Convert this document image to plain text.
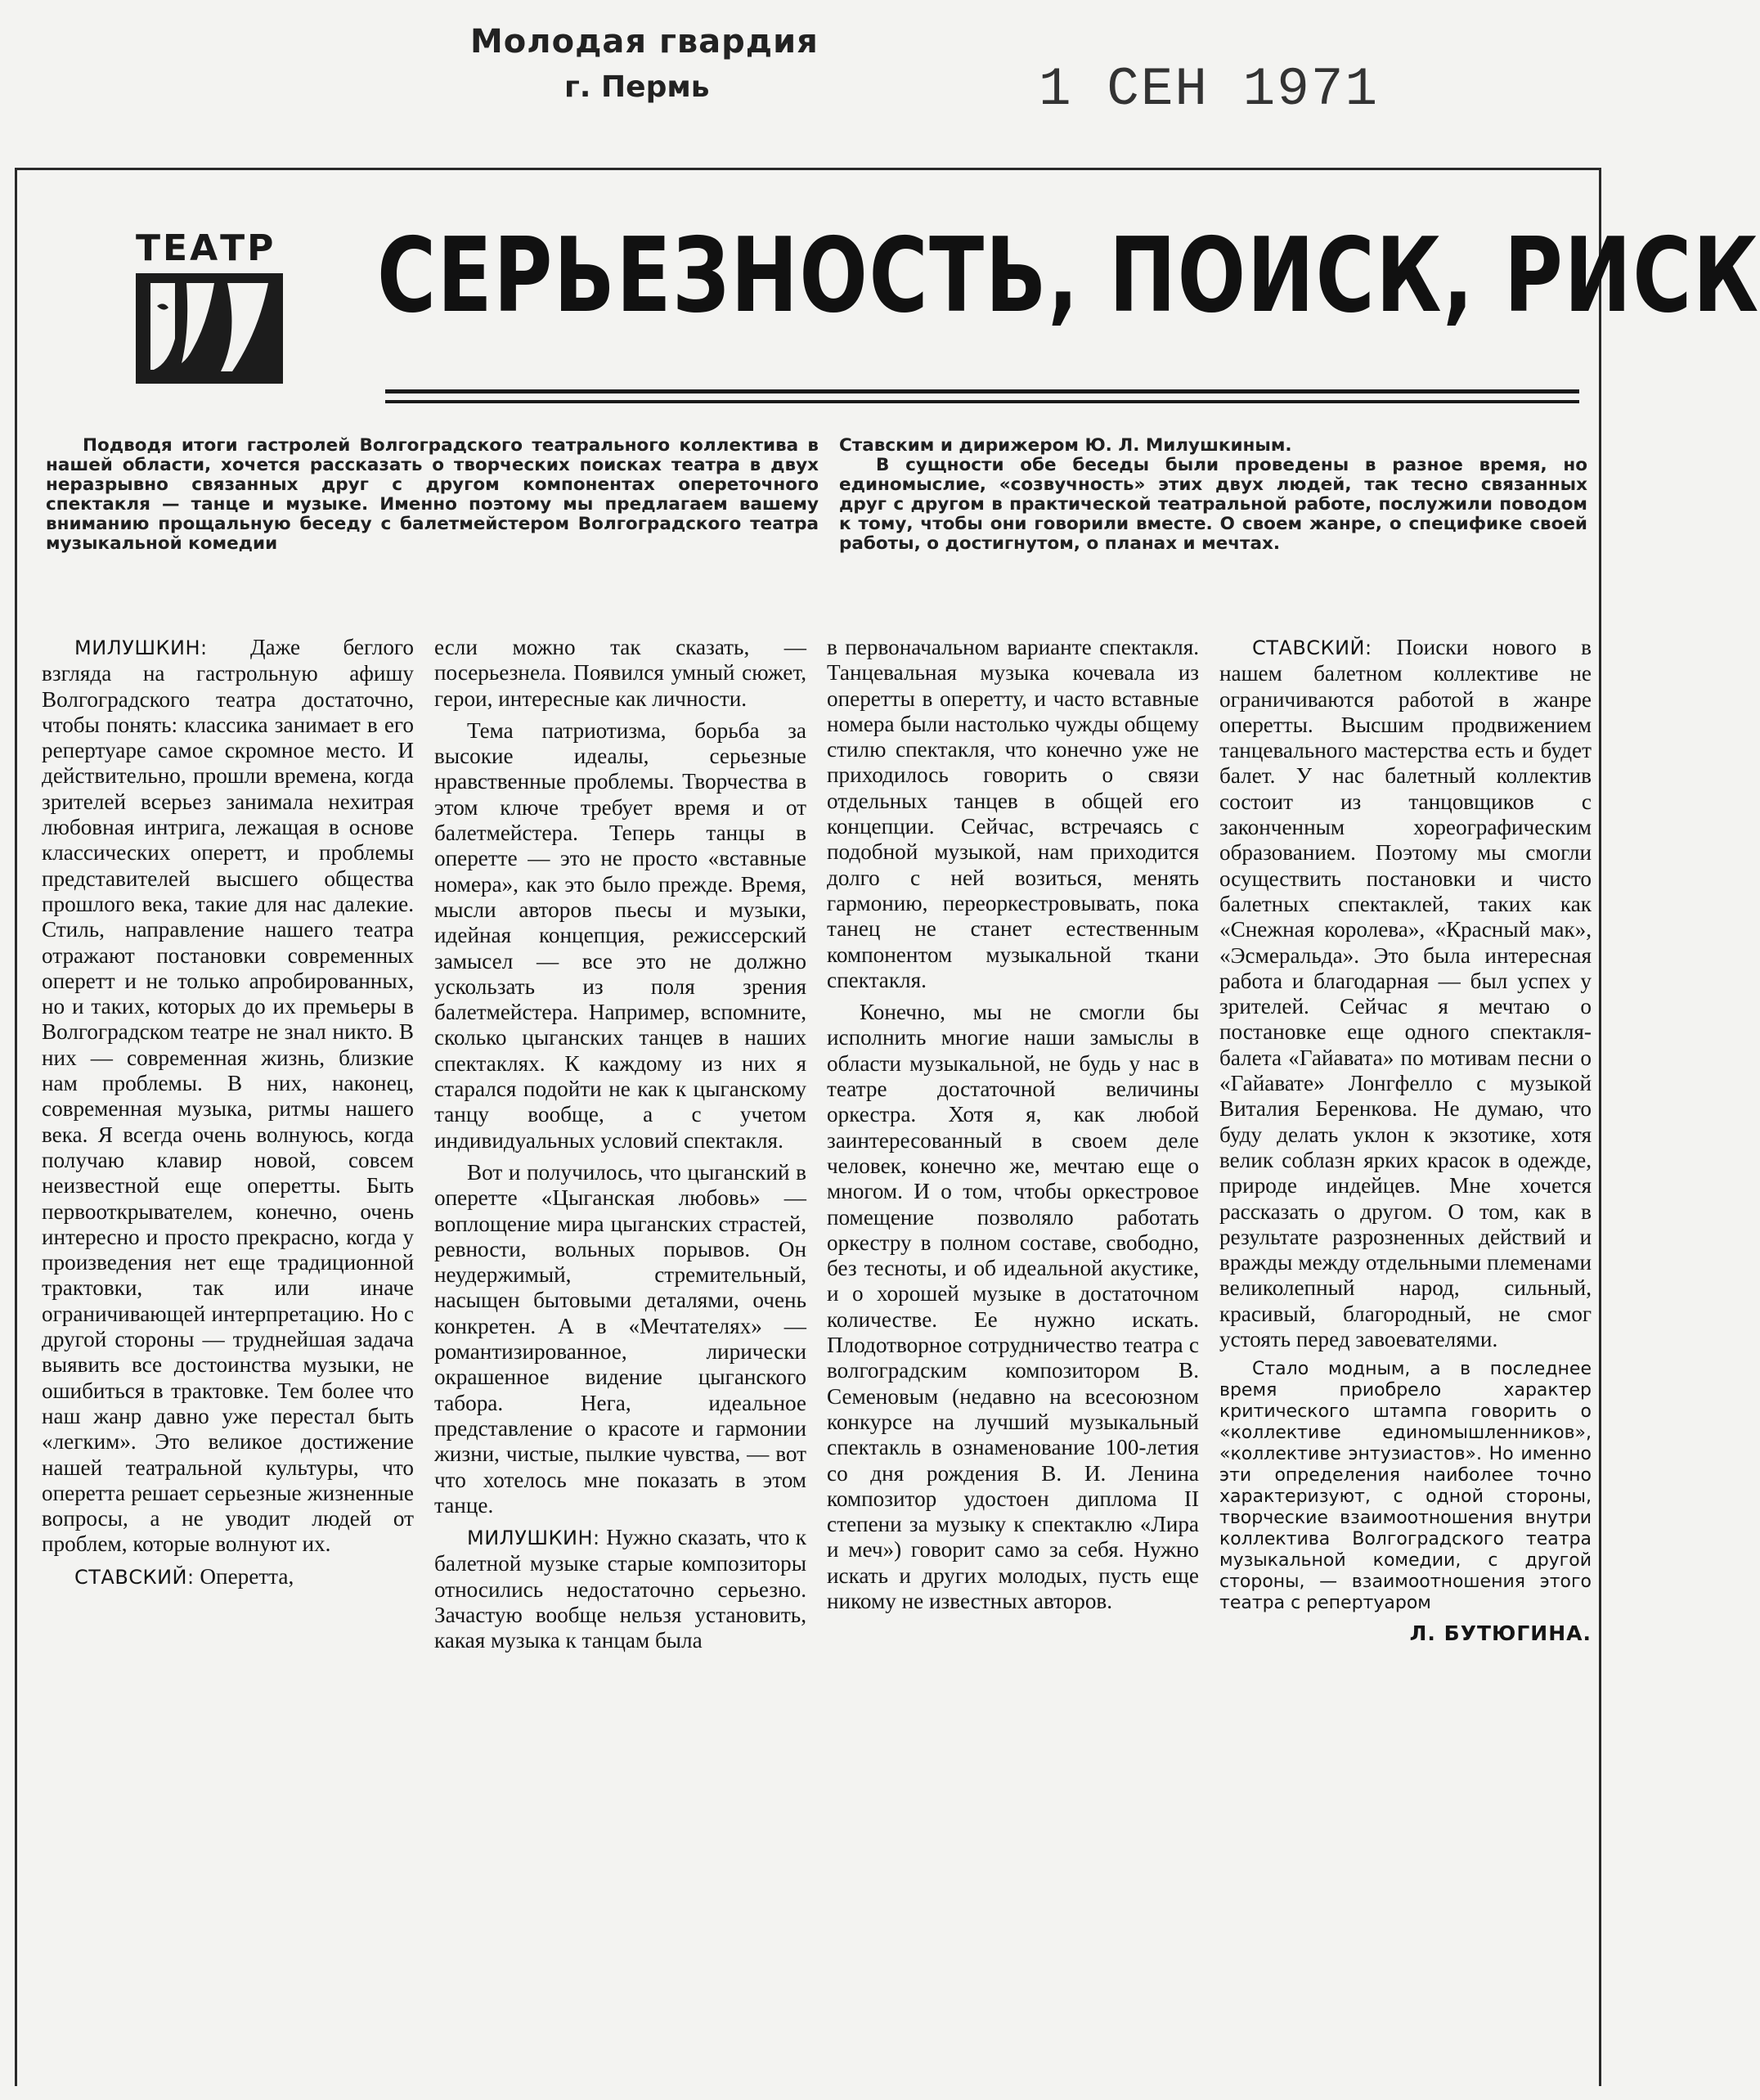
Молодая гвардия
г. Пермь	1 СЕН 1971
ТЕАТР СЕРЬЕЗНОСТЬ, ПОИСК, РИСК
Подводя итоги гастролей Волгоградского театрального коллектива в нашей области, хочется рассказать о творческих поисках театра в двух неразрывно связанных друг с другом компонентах опереточного спектакля — танце и музыке. Именно поэтому мы предлагаем вашему вниманию прощальную беседу с балетмейстером Волгоградского театра музыкальной комедии

Ставским и дирижером Ю. Л. Милушкиным.

В сущности обе беседы были проведены в разное время, но единомыслие, «созвучность» этих двух людей, так тесно связанных друг с другом в практической театральной работе, послужили поводом к тому, чтобы они говорили вместе. О своем жанре, о специфике своей работы, о достигнутом, о планах и мечтах.

МИЛУШКИН: Даже беглого взгляда на гастрольную афишу Волгоградского театра достаточно, чтобы понять: классика занимает в его репертуаре самое скромное место. И действительно, прошли времена, когда зрителей всерьез занимала нехитрая любовная интрига, лежащая в основе классических оперетт, и проблемы представителей высшего общества прошлого века, такие для нас далекие. Стиль, направление нашего театра отражают постановки современных оперетт и не только апробированных, но и таких, которых до их премьеры в Волгоградском театре не знал никто. В них — современная жизнь, близкие нам проблемы. В них, наконец, современная музыка, ритмы нашего века. Я всегда очень волнуюсь, когда получаю клавир новой, совсем неизвестной еще оперетты. Быть первооткрывателем, конечно, очень интересно и просто прекрасно, когда у произведения нет еще традиционной трактовки, так или иначе ограничивающей интерпретацию. Но с другой стороны — труднейшая задача выявить все достоинства музыки, не ошибиться в трактовке. Тем более что наш жанр давно уже перестал быть «легким». Это великое достижение нашей театральной культуры, что оперетта решает серьезные жизненные вопросы, а не уводит людей от проблем, которые волнуют их.

СТАВСКИЙ: Оперетта,

если можно так сказать, — посерьезнела. Появился умный сюжет, герои, интересные как личности.

Тема патриотизма, борьба за высокие идеалы, серьезные нравственные проблемы. Творчества в этом ключе требует время и от балетмейстера. Теперь танцы в оперетте — это не просто «вставные номера», как это было прежде. Время, мысли авторов пьесы и музыки, идейная концепция, режиссерский замысел — все это не должно ускользать из поля зрения балетмейстера. Например, вспомните, сколько цыганских танцев в наших спектаклях. К каждому из них я старался подойти не как к цыганскому танцу вообще, а с учетом индивидуальных условий спектакля.

Вот и получилось, что цыганский в оперетте «Цыганская любовь» — воплощение мира цыганских страстей, ревности, вольных порывов. Он неудержимый, стремительный, насыщен бытовыми деталями, очень конкретен. А в «Мечтателях» — романтизированное, лирически окрашенное видение цыганского табора. Нега, идеальное представление о красоте и гармонии жизни, чистые, пылкие чувства, — вот что хотелось мне показать в этом танце.

МИЛУШКИН: Нужно сказать, что к балетной музыке старые композиторы относились недостаточно серьезно. Зачастую вообще нельзя установить, какая музыка к танцам была

в первоначальном варианте спектакля. Танцевальная музыка кочевала из оперетты в оперетту, и часто вставные номера были настолько чужды общему стилю спектакля, что конечно уже не приходилось говорить о связи отдельных танцев в общей его концепции. Сейчас, встречаясь с подобной музыкой, нам приходится долго с ней возиться, менять гармонию, переоркестровывать, пока танец не станет естественным компонентом музыкальной ткани спектакля.

Конечно, мы не смогли бы исполнить многие наши замыслы в области музыкальной, не будь у нас в театре достаточной величины оркестра. Хотя я, как любой заинтересованный в своем деле человек, конечно же, мечтаю еще о многом. И о том, чтобы оркестровое помещение позволяло работать оркестру в полном составе, свободно, без тесноты, и об идеальной акустике, и о хорошей музыке в достаточном количестве. Ее нужно искать. Плодотворное сотрудничество театра с волгоградским композитором В. Семеновым (недавно на всесоюзном конкурсе на лучший музыкальный спектакль в ознаменование 100-летия со дня рождения В. И. Ленина композитор удостоен диплома II степени за музыку к спектаклю «Лира и меч») говорит само за себя. Нужно искать и других молодых, пусть еще никому не известных авторов.

СТАВСКИЙ: Поиски нового в нашем балетном коллективе не ограничиваются работой в жанре оперетты. Высшим продвижением танцевального мастерства есть и будет балет. У нас балетный коллектив состоит из танцовщиков с законченным хореографическим образованием. Поэтому мы смогли осуществить постановки и чисто балетных спектаклей, таких как «Снежная королева», «Красный мак», «Эсмеральда». Это была интересная работа и благодарная — был успех у зрителей. Сейчас я мечтаю о постановке еще одного спектакля-балета «Гайавата» по мотивам песни о «Гайавате» Лонгфелло с музыкой Виталия Беренкова. Не думаю, что буду делать уклон к экзотике, хотя велик соблазн ярких красок в одежде, природе индейцев. Мне хочется рассказать о другом. О том, как в результате разрозненных действий и вражды между отдельными племенами великолепный народ, сильный, красивый, благородный, не смог устоять перед завоевателями.

Стало модным, а в последнее время приобрело характер критического штампа говорить о «коллективе единомышленников», «коллективе энтузиастов». Но именно эти определения наиболее точно характеризуют, с одной стороны, творческие взаимоотношения внутри коллектива Волгоградского театра музыкальной комедии, с другой стороны, — взаимоотношения этого театра с репертуаром

Л. БУТЮГИНА.
